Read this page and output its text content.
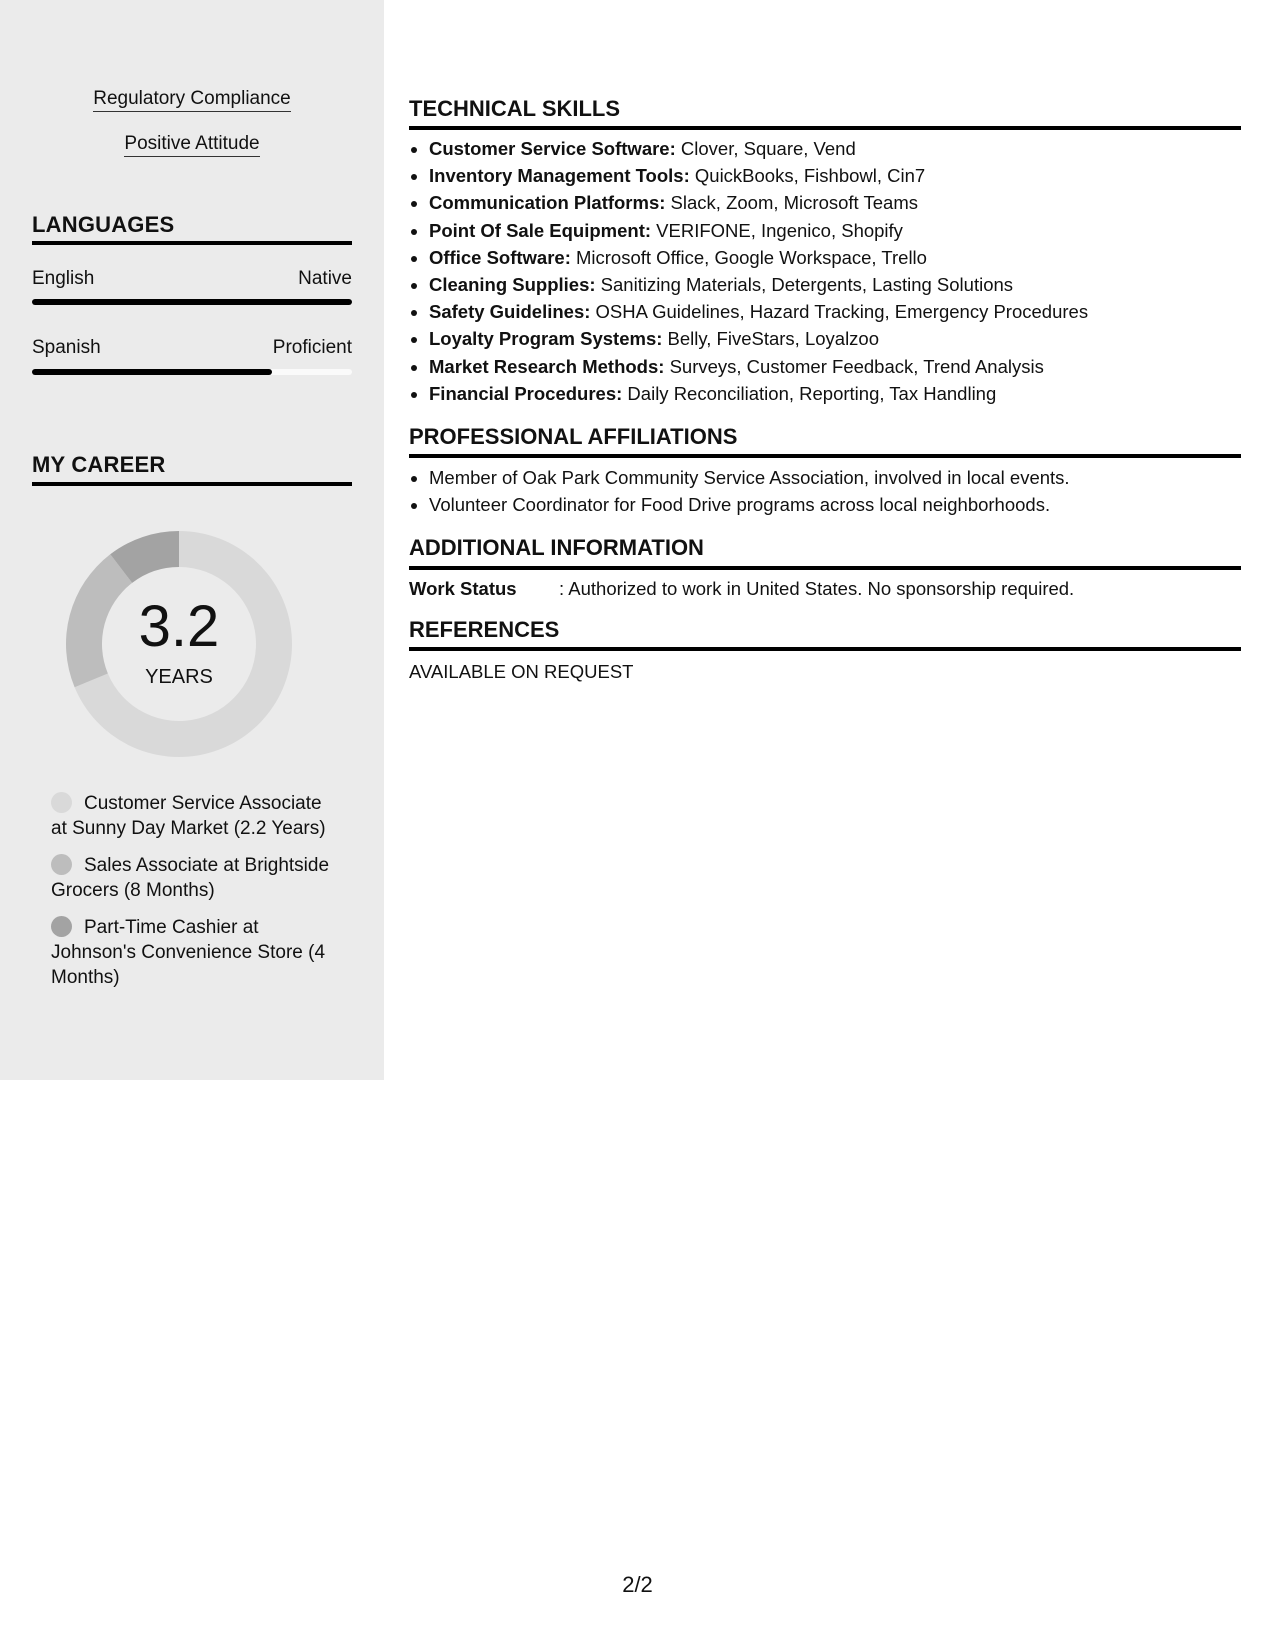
Regulatory Compliance
Positive Attitude
LANGUAGES
English	Native
Spanish	Proficient
MY CAREER
3.2
YEARS
Customer Service Associate at Sunny Day Market (2.2 Years)
Sales Associate at Brightside Grocers (8 Months)
Part-Time Cashier at Johnson's Convenience Store (4 Months)
TECHNICAL SKILLS
• Customer Service Software: Clover, Square, Vend
• Inventory Management Tools: QuickBooks, Fishbowl, Cin7
• Communication Platforms: Slack, Zoom, Microsoft Teams
• Point Of Sale Equipment: VERIFONE, Ingenico, Shopify
• Office Software: Microsoft Office, Google Workspace, Trello
• Cleaning Supplies: Sanitizing Materials, Detergents, Lasting Solutions
• Safety Guidelines: OSHA Guidelines, Hazard Tracking, Emergency Procedures
• Loyalty Program Systems: Belly, FiveStars, Loyalzoo
• Market Research Methods: Surveys, Customer Feedback, Trend Analysis
• Financial Procedures: Daily Reconciliation, Reporting, Tax Handling
PROFESSIONAL AFFILIATIONS
• Member of Oak Park Community Service Association, involved in local events.
• Volunteer Coordinator for Food Drive programs across local neighborhoods.
ADDITIONAL INFORMATION
Work Status : Authorized to work in United States. No sponsorship required.
REFERENCES
AVAILABLE ON REQUEST
2/2
